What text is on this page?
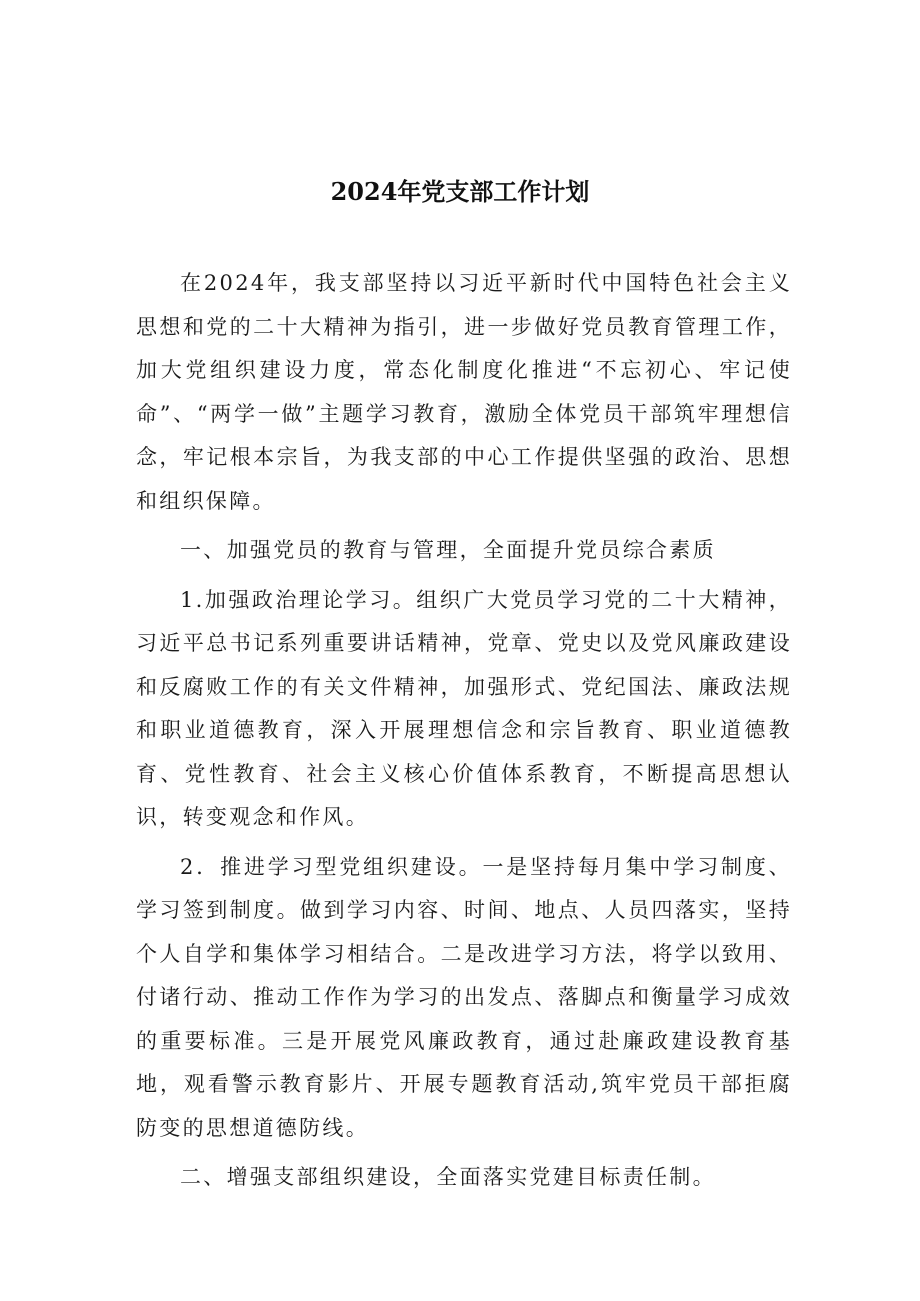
2024年党支部工作计划

在2024年，我支部坚持以习近平新时代中国特色社会主义思想和党的二十大精神为指引，进一步做好党员教育管理工作，加大党组织建设力度，常态化制度化推进“不忘初心、牢记使命”、“两学一做”主题学习教育，激励全体党员干部筑牢理想信念，牢记根本宗旨，为我支部的中心工作提供坚强的政治、思想和组织保障。

一、加强党员的教育与管理，全面提升党员综合素质

1.加强政治理论学习。组织广大党员学习党的二十大精神，习近平总书记系列重要讲话精神，党章、党史以及党风廉政建设和反腐败工作的有关文件精神，加强形式、党纪国法、廉政法规和职业道德教育，深入开展理想信念和宗旨教育、职业道德教育、党性教育、社会主义核心价值体系教育，不断提高思想认识，转变观念和作风。

2．推进学习型党组织建设。一是坚持每月集中学习制度、学习签到制度。做到学习内容、时间、地点、人员四落实，坚持个人自学和集体学习相结合。二是改进学习方法，将学以致用、付诸行动、推动工作作为学习的出发点、落脚点和衡量学习成效的重要标准。三是开展党风廉政教育，通过赴廉政建设教育基地，观看警示教育影片、开展专题教育活动,筑牢党员干部拒腐防变的思想道德防线。

二、增强支部组织建设，全面落实党建目标责任制。
